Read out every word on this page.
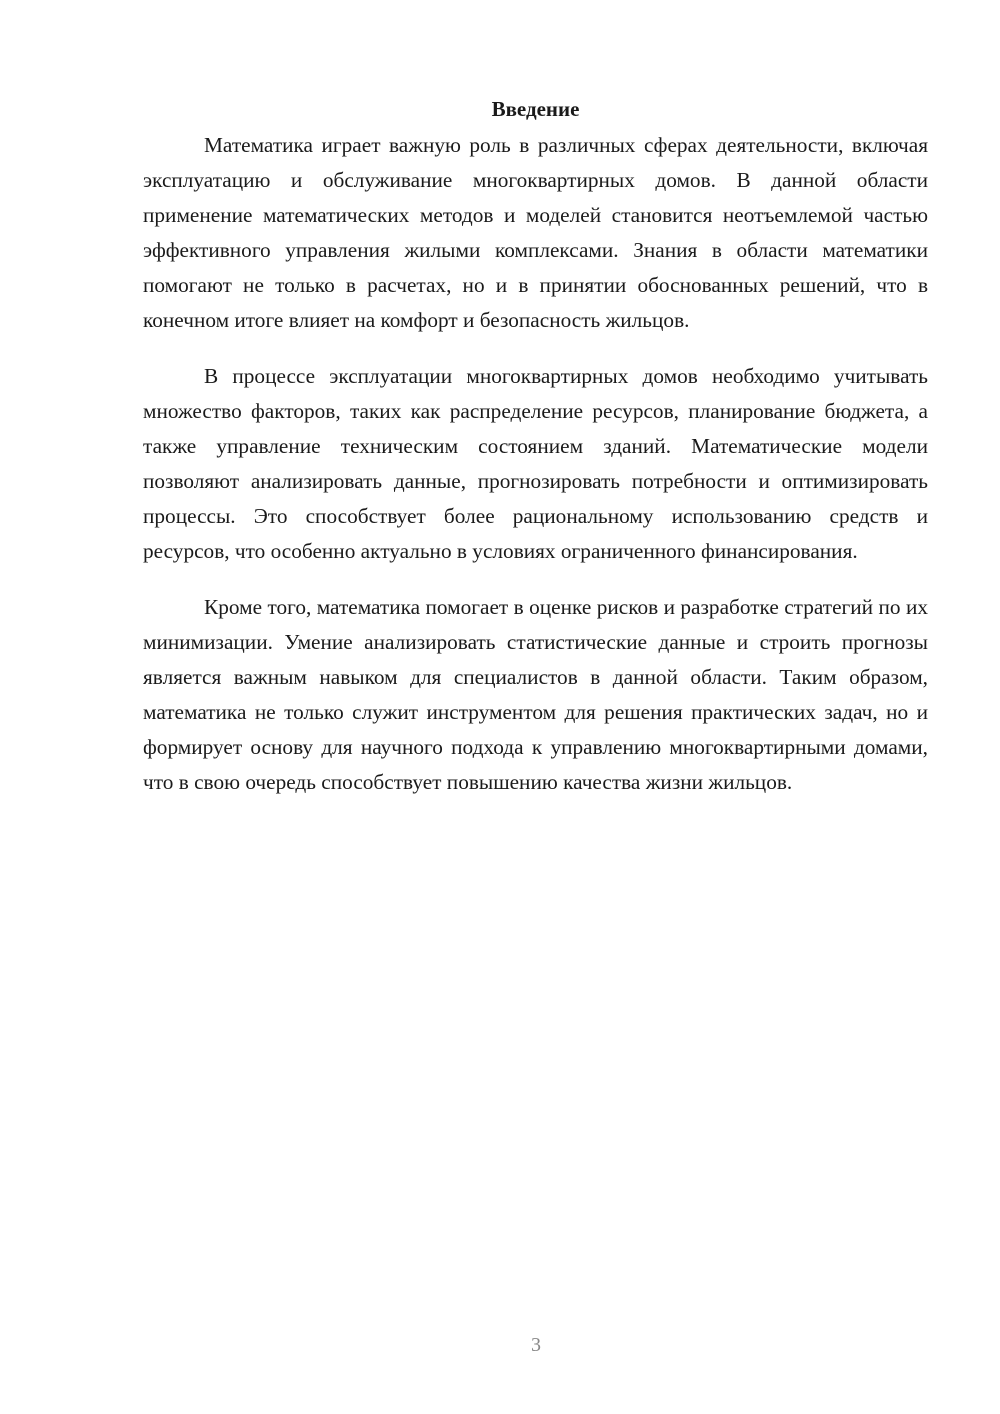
Введение

Математика играет важную роль в различных сферах деятельности, включая эксплуатацию и обслуживание многоквартирных домов. В данной области применение математических методов и моделей становится неотъемлемой частью эффективного управления жилыми комплексами. Знания в области математики помогают не только в расчетах, но и в принятии обоснованных решений, что в конечном итоге влияет на комфорт и безопасность жильцов.

В процессе эксплуатации многоквартирных домов необходимо учитывать множество факторов, таких как распределение ресурсов, планирование бюджета, а также управление техническим состоянием зданий. Математические модели позволяют анализировать данные, прогнозировать потребности и оптимизировать процессы. Это способствует более рациональному использованию средств и ресурсов, что особенно актуально в условиях ограниченного финансирования.

Кроме того, математика помогает в оценке рисков и разработке стратегий по их минимизации. Умение анализировать статистические данные и строить прогнозы является важным навыком для специалистов в данной области. Таким образом, математика не только служит инструментом для решения практических задач, но и формирует основу для научного подхода к управлению многоквартирными домами, что в свою очередь способствует повышению качества жизни жильцов.

3
